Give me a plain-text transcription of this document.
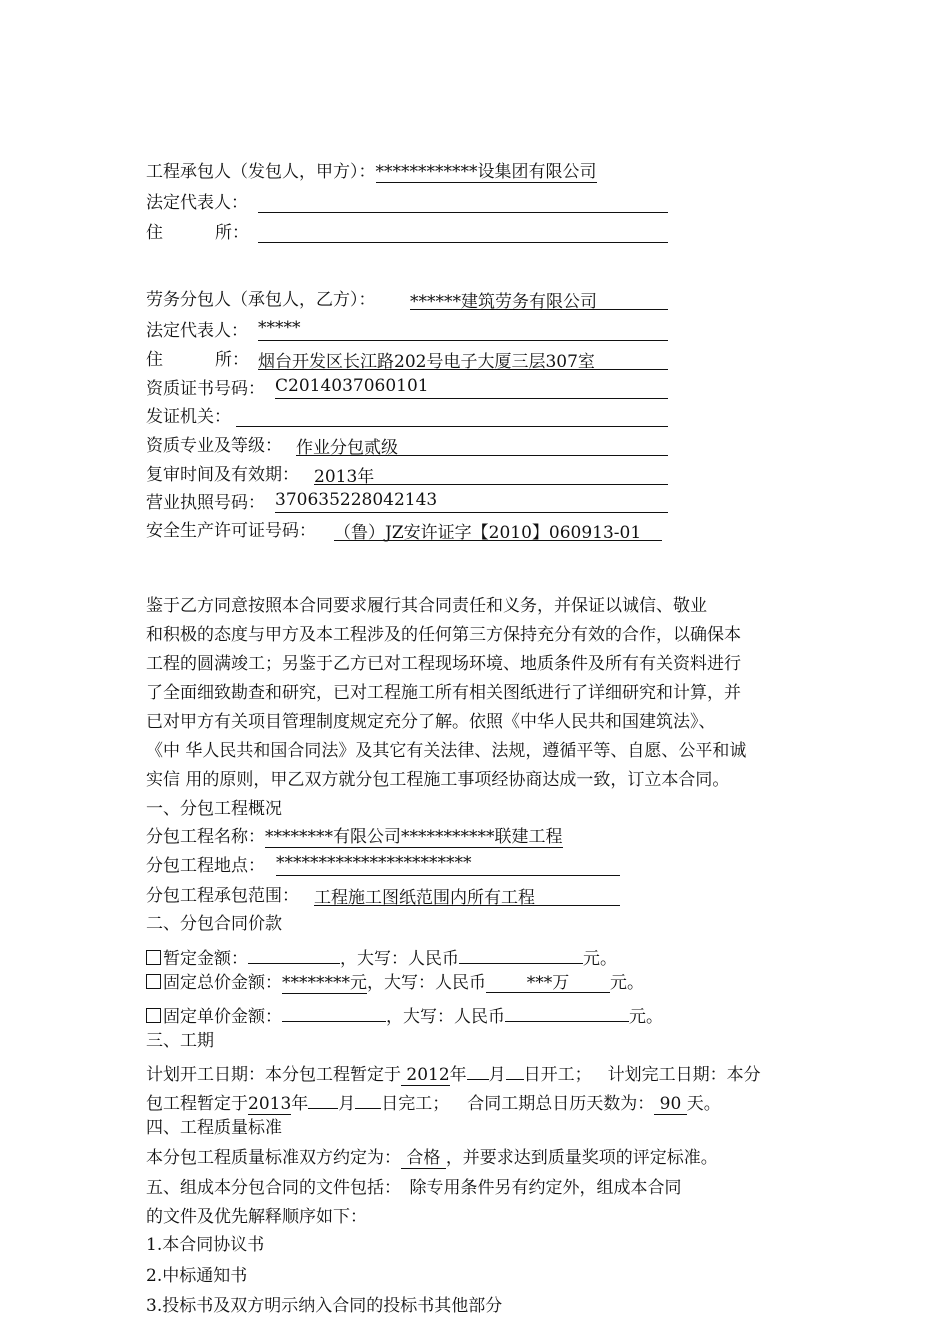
工程承包人（发包人，甲方）：************设集团有限公司
法定代表人：
住	所：
劳务分包人（承包人，乙方）： ******建筑劳务有限公司
法定代表人： *****
住	所： 烟台开发区长江路202号电子大厦三层307室
资质证书号码： C2014037060101
发证机关：
资质专业及等级： 作业分包贰级
复审时间及有效期： 2013年
营业执照号码： 370635228042143
安全生产许可证号码： （鲁）JZ安许证字【2010】060913-01
鉴于乙方同意按照本合同要求履行其合同责任和义务，并保证以诚信、敬业
和积极的态度与甲方及本工程涉及的任何第三方保持充分有效的合作，以确保本
工程的圆满竣工；另鉴于乙方已对工程现场环境、地质条件及所有有关资料进行
了全面细致勘查和研究，已对工程施工所有相关图纸进行了详细研究和计算，并
已对甲方有关项目管理制度规定充分了解。依照《中华人民共和国建筑法》、
《中 华人民共和国合同法》及其它有关法律、法规，遵循平等、自愿、公平和诚
实信 用的原则，甲乙双方就分包工程施工事项经协商达成一致，订立本合同。
一、分包工程概况
分包工程名称：********有限公司***********联建工程
分包工程地点： ***********************
分包工程承包范围： 工程施工图纸范围内所有工程
二、分包合同价款
暂定金额：	，大写：人民币	元。
固定总价金额：********元，大写：人民币 ***万 元。
固定单价金额：	，大写：人民币	元。
三、工期
计划开工日期：本分包工程暂定于 2012年 月 日开工； 计划完工日期：本分
包工程暂定于2013年 月 日完工； 合同工期总日历天数为： 90 天。
四、工程质量标准
本分包工程质量标准双方约定为： 合格 ，并要求达到质量奖项的评定标准。
五、组成本分包合同的文件包括：　除专用条件另有约定外，组成本合同
的文件及优先解释顺序如下：
1.本合同协议书
2.中标通知书
3.投标书及双方明示纳入合同的投标书其他部分
